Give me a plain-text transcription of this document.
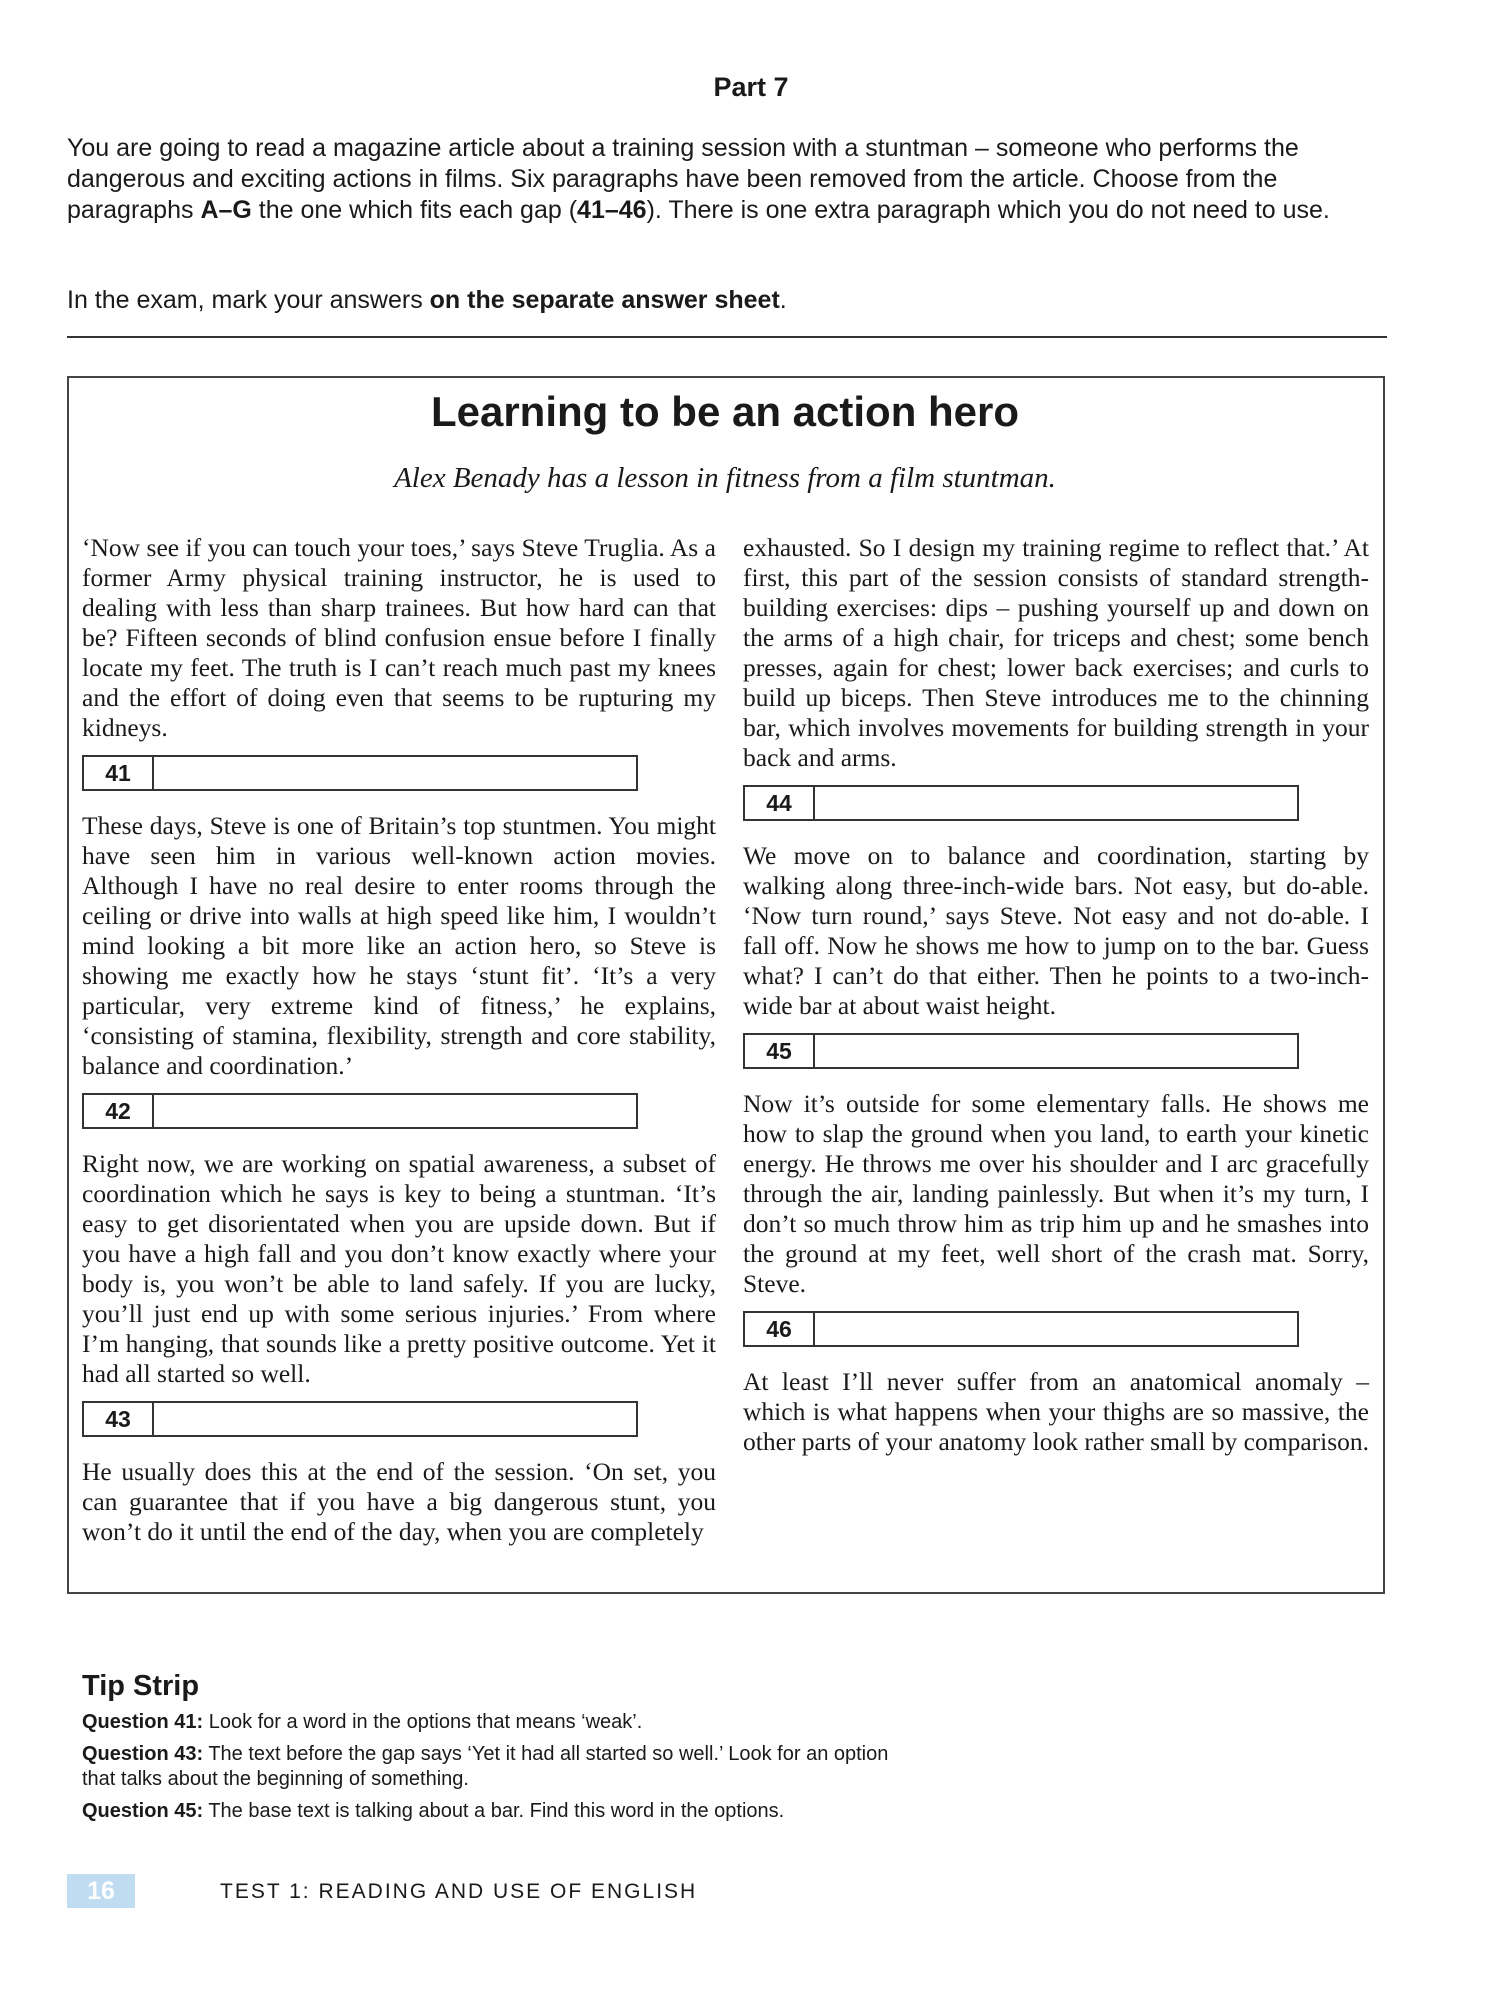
Part 7

You are going to read a magazine article about a training session with a stuntman – someone who performs the dangerous and exciting actions in films. Six paragraphs have been removed from the article. Choose from the paragraphs A–G the one which fits each gap (41–46). There is one extra paragraph which you do not need to use.

In the exam, mark your answers on the separate answer sheet.
Learning to be an action hero
Alex Benady has a lesson in fitness from a film stuntman.

‘Now see if you can touch your toes,’ says Steve Truglia. As a former Army physical training instructor, he is used to dealing with less than sharp trainees. But how hard can that be? Fifteen seconds of blind confusion ensue before I finally locate my feet. The truth is I can’t reach much past my knees and the effort of doing even that seems to be rupturing my kidneys.

41

These days, Steve is one of Britain’s top stuntmen. You might have seen him in various well-known action movies. Although I have no real desire to enter rooms through the ceiling or drive into walls at high speed like him, I wouldn’t mind looking a bit more like an action hero, so Steve is showing me exactly how he stays ‘stunt fit’. ‘It’s a very particular, very extreme kind of fitness,’ he explains, ‘consisting of stamina, flexibility, strength and core stability, balance and coordination.’

42

Right now, we are working on spatial awareness, a subset of coordination which he says is key to being a stuntman. ‘It’s easy to get disorientated when you are upside down. But if you have a high fall and you don’t know exactly where your body is, you won’t be able to land safely. If you are lucky, you’ll just end up with some serious injuries.’ From where I’m hanging, that sounds like a pretty positive outcome. Yet it had all started so well.

43

He usually does this at the end of the session. ‘On set, you can guarantee that if you have a big dangerous stunt, you won’t do it until the end of the day, when you are completely

exhausted. So I design my training regime to reflect that.’ At first, this part of the session consists of standard strength-building exercises: dips – pushing yourself up and down on the arms of a high chair, for triceps and chest; some bench presses, again for chest; lower back exercises; and curls to build up biceps. Then Steve introduces me to the chinning bar, which involves movements for building strength in your back and arms.

44

We move on to balance and coordination, starting by walking along three-inch-wide bars. Not easy, but do-able. ‘Now turn round,’ says Steve. Not easy and not do-able. I fall off. Now he shows me how to jump on to the bar. Guess what? I can’t do that either. Then he points to a two-inch-wide bar at about waist height.

45

Now it’s outside for some elementary falls. He shows me how to slap the ground when you land, to earth your kinetic energy. He throws me over his shoulder and I arc gracefully through the air, landing painlessly. But when it’s my turn, I don’t so much throw him as trip him up and he smashes into the ground at my feet, well short of the crash mat. Sorry, Steve.

46

At least I’ll never suffer from an anatomical anomaly – which is what happens when your thighs are so massive, the other parts of your anatomy look rather small by comparison.

Tip Strip

Question 41: Look for a word in the options that means ‘weak’.

Question 43: The text before the gap says ‘Yet it had all started so well.’ Look for an option that talks about the beginning of something.

Question 45: The base text is talking about a bar. Find this word in the options.

16	TEST 1: READING AND USE OF ENGLISH
